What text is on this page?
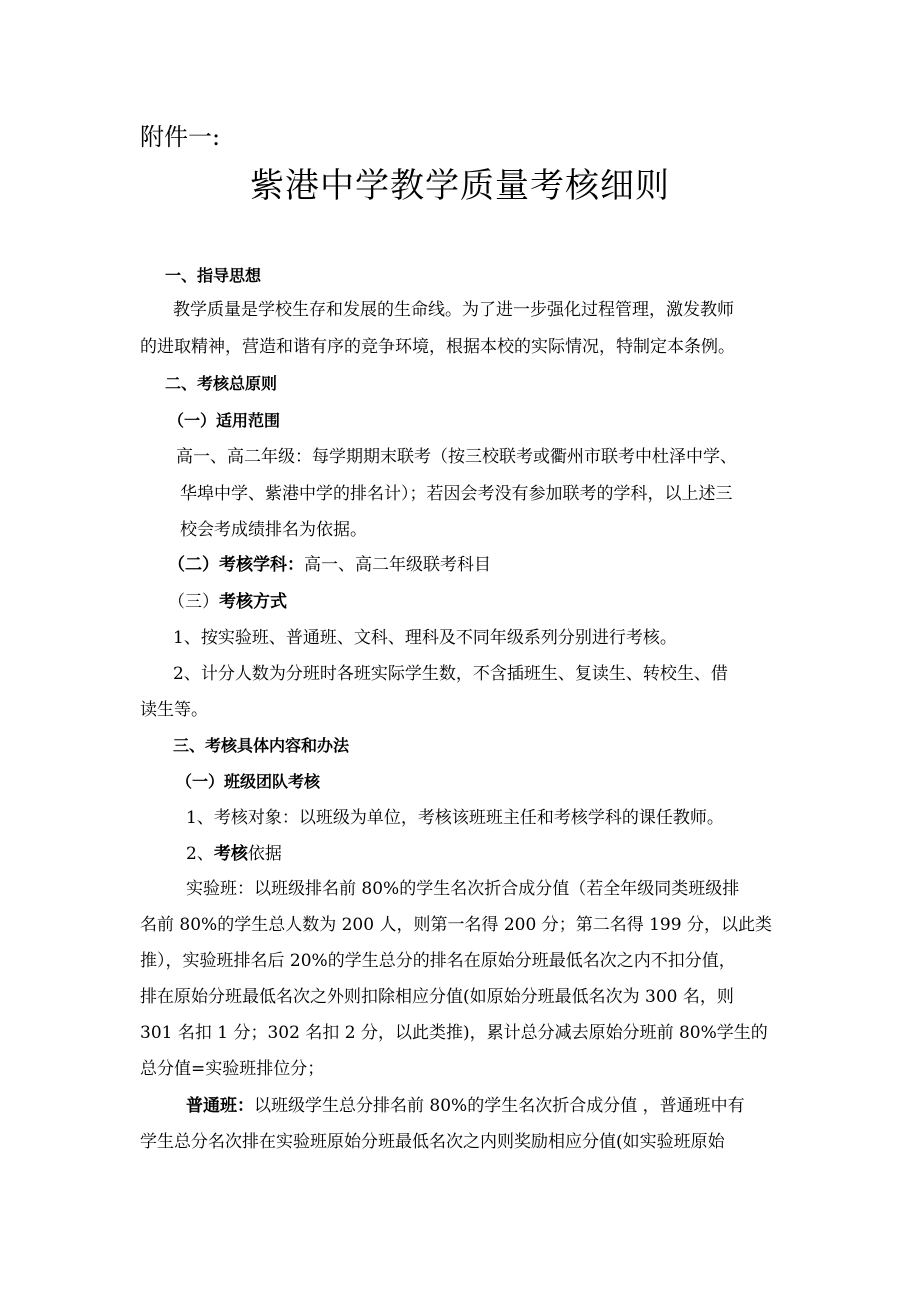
附件一:
紫港中学教学质量考核细则
一、指导思想
教学质量是学校生存和发展的生命线。为了进一步强化过程管理，激发教师
的进取精神，营造和谐有序的竞争环境，根据本校的实际情况，特制定本条例。
二、考核总原则
（一）适用范围
高一、高二年级：每学期期末联考（按三校联考或衢州市联考中杜泽中学、
华埠中学、紫港中学的排名计）；若因会考没有参加联考的学科，以上述三
校会考成绩排名为依据。
（二）考核学科：高一、高二年级联考科目
（三）考核方式
1、按实验班、普通班、文科、理科及不同年级系列分别进行考核。
2、计分人数为分班时各班实际学生数，不含插班生、复读生、转校生、借
读生等。
三、考核具体内容和办法
（一）班级团队考核
1、考核对象：以班级为单位，考核该班班主任和考核学科的课任教师。
2、考核依据
实验班：以班级排名前 80%的学生名次折合成分值（若全年级同类班级排
名前 80%的学生总人数为 200 人，则第一名得 200 分；第二名得 199 分，以此类
推），实验班排名后 20%的学生总分的排名在原始分班最低名次之内不扣分值，
排在原始分班最低名次之外则扣除相应分值(如原始分班最低名次为 300 名，则
301 名扣 1 分；302 名扣 2 分，以此类推)，累计总分减去原始分班前 80%学生的
总分值=实验班排位分；
普通班：以班级学生总分排名前 80%的学生名次折合成分值 ，普通班中有
学生总分名次排在实验班原始分班最低名次之内则奖励相应分值(如实验班原始
